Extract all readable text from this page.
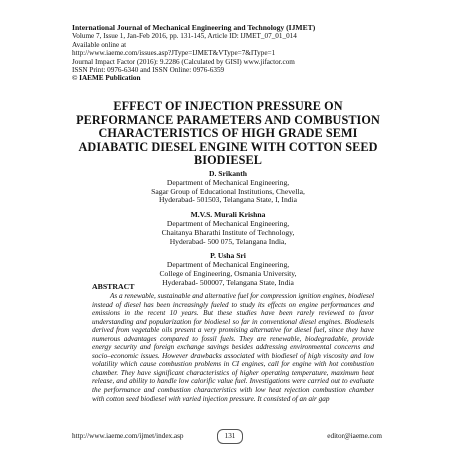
International Journal of Mechanical Engineering and Technology (IJMET)
Volume 7, Issue 1, Jan-Feb 2016, pp. 131-145, Article ID: IJMET_07_01_014
Available online at
http://www.iaeme.com/issues.asp?JType=IJMET&VType=7&IType=1
Journal Impact Factor (2016): 9.2286 (Calculated by GISI) www.jifactor.com
ISSN Print: 0976-6340 and ISSN Online: 0976-6359
© IAEME Publication
EFFECT OF INJECTION PRESSURE ON PERFORMANCE PARAMETERS AND COMBUSTION CHARACTERISTICS OF HIGH GRADE SEMI ADIABATIC DIESEL ENGINE WITH COTTON SEED BIODIESEL
D. Srikanth
Department of Mechanical Engineering,
Sagar Group of Educational Institutions, Chevella,
Hyderabad- 501503, Telangana State, I, India
M.V.S. Murali Krishna
Department of Mechanical Engineering,
Chaitanya Bharathi Institute of Technology,
Hyderabad- 500 075, Telangana India,
P. Usha Sri
Department of Mechanical Engineering,
College of Engineering, Osmania University,
Hyderabad- 500007, Telangana State, India
ABSTRACT
As a renewable, sustainable and alternative fuel for compression ignition engines, biodiesel instead of diesel has been increasingly fueled to study its effects on engine performances and emissions in the recent 10 years. But these studies have been rarely reviewed to favor understanding and popularization for biodiesel so far in conventional diesel engines. Biodiesels derived from vegetable oils present a very promising alternative for diesel fuel, since they have numerous advantages compared to fossil fuels. They are renewable, biodegradable, provide energy security and foreign exchange savings besides addressing environmental concerns and socio–economic issues. However drawbacks associated with biodiesel of high viscosity and low volatility which cause combustion problems in CI engines, call for engine with hot combustion chamber. They have significant characteristics of higher operating temperature, maximum heat release, and ability to handle low calorific value fuel. Investigations were carried out to evaluate the performance and combustion characteristics with low heat rejection combustion chamber with cotton seed biodiesel with varied injection pressure. It consisted of an air gap
http://www.iaeme.com/ijmet/index.asp	131	editor@iaeme.com
